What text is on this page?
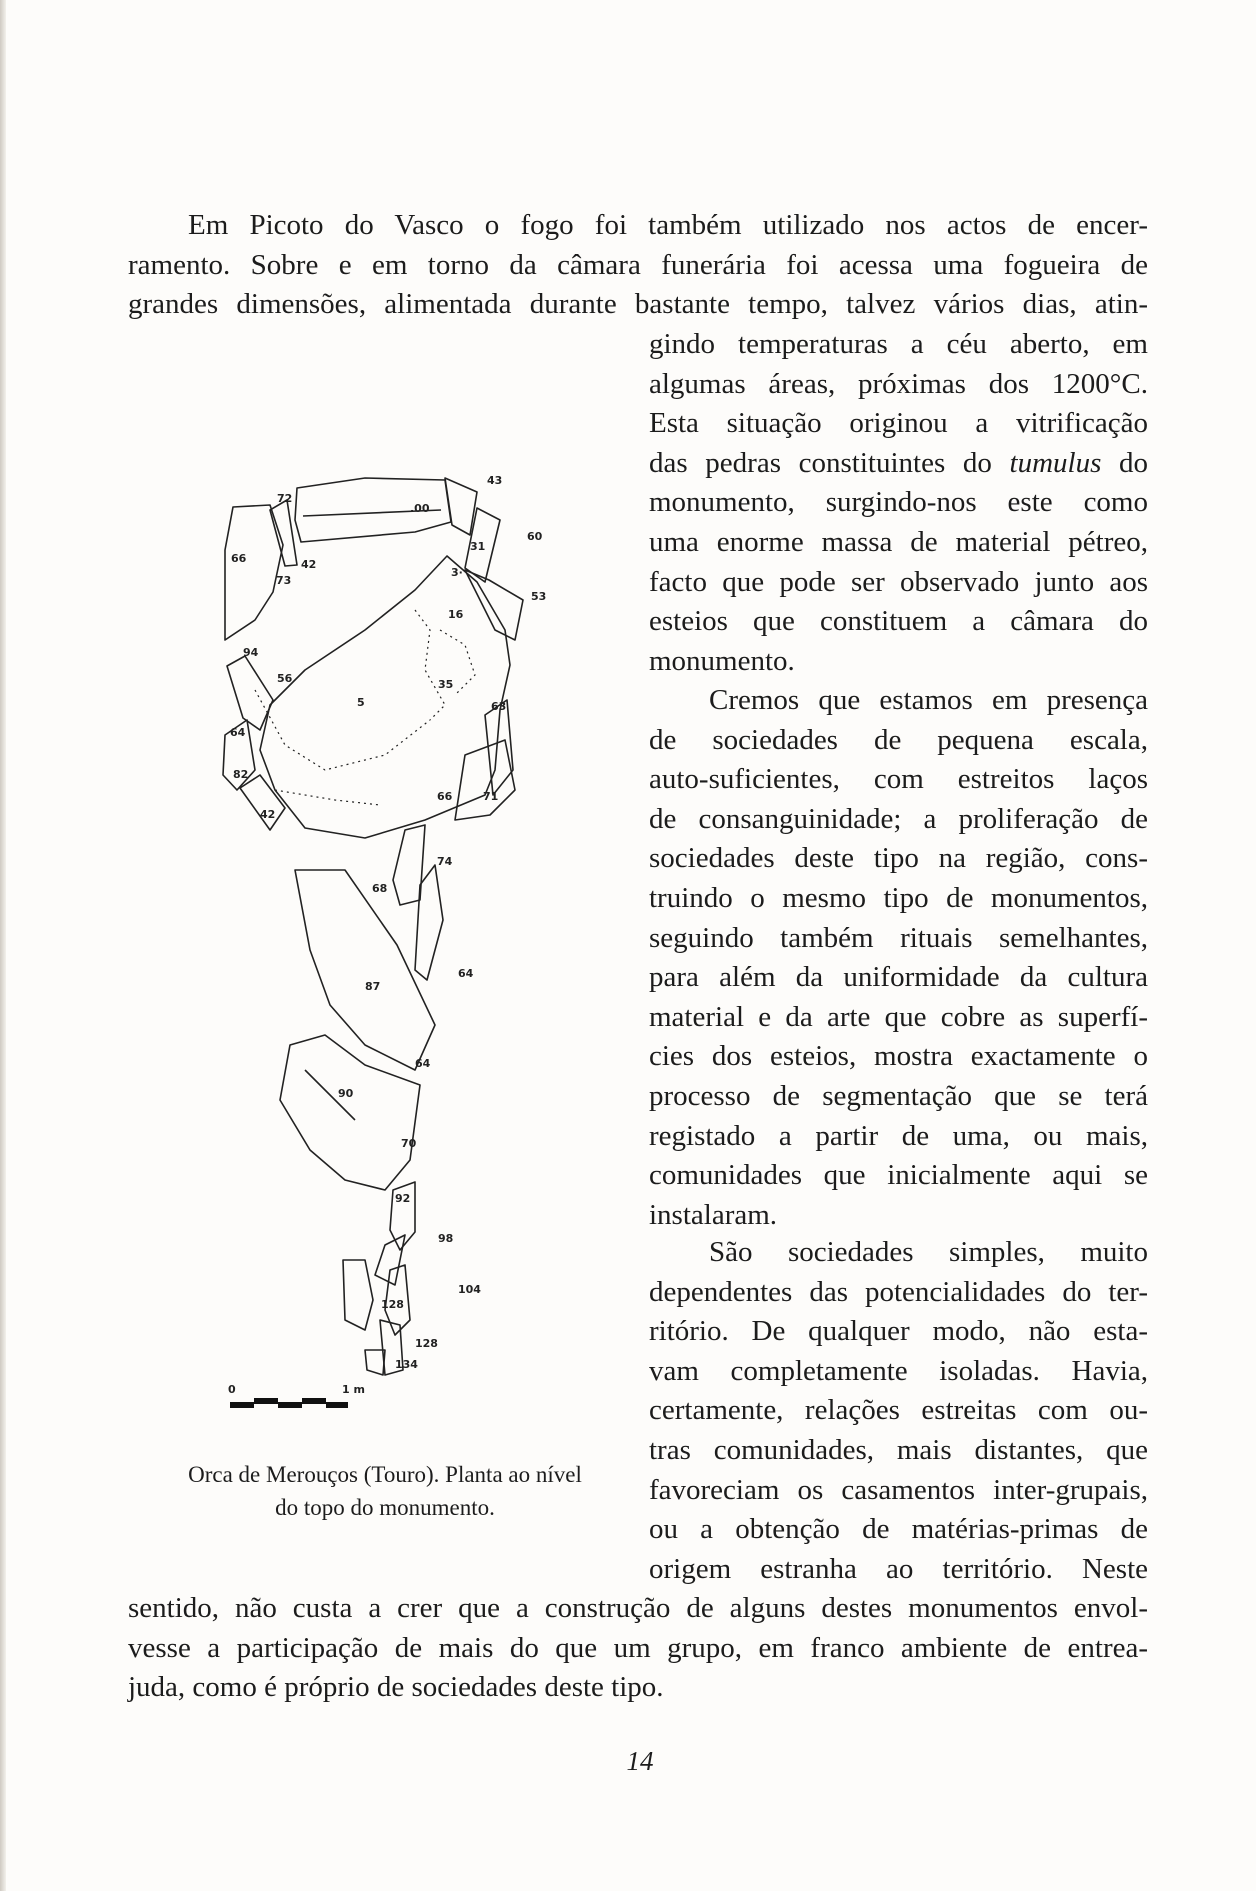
Em Picoto do Vasco o fogo foi também utilizado nos actos de encer-
ramento. Sobre e em torno da câmara funerária foi acessa uma fogueira de
grandes dimensões, alimentada durante bastante tempo, talvez vários dias, atin-
gindo temperaturas a céu aberto, em
algumas áreas, próximas dos 1200°C.
Esta situação originou a vitrificação
das pedras constituintes do tumulus do
monumento, surgindo-nos este como
uma enorme massa de material pétreo,
facto que pode ser observado junto aos
esteios que constituem a câmara do
monumento.
Cremos que estamos em presença
de sociedades de pequena escala,
auto-suficientes, com estreitos laços
de consanguinidade; a proliferação de
sociedades deste tipo na região, cons-
truindo o mesmo tipo de monumentos,
seguindo também rituais semelhantes,
para além da uniformidade da cultura
material e da arte que cobre as superfí-
cies dos esteios, mostra exactamente o
processo de segmentação que se terá
registado a partir de uma, ou mais,
comunidades que inicialmente aqui se
instalaram.
São sociedades simples, muito
dependentes das potencialidades do ter-
ritório. De qualquer modo, não esta-
vam completamente isoladas. Havia,
certamente, relações estreitas com ou-
tras comunidades, mais distantes, que
favoreciam os casamentos inter-grupais,
ou a obtenção de matérias-primas de
origem estranha ao território. Neste
sentido, não custa a crer que a construção de alguns destes monumentos envol-
vesse a participação de mais do que um grupo, em franco ambiente de entrea-
juda, como é próprio de sociedades deste tipo.
72
.00
43
66	42
73
31
60
3·
53
16
94
56
5
35
63
64
82
42
66	71
74
68
64
87
64
90
70
92
98
128
104
128
134
0	1 m
Orca de Merouços (Touro). Planta ao nível
do topo do monumento.
14
